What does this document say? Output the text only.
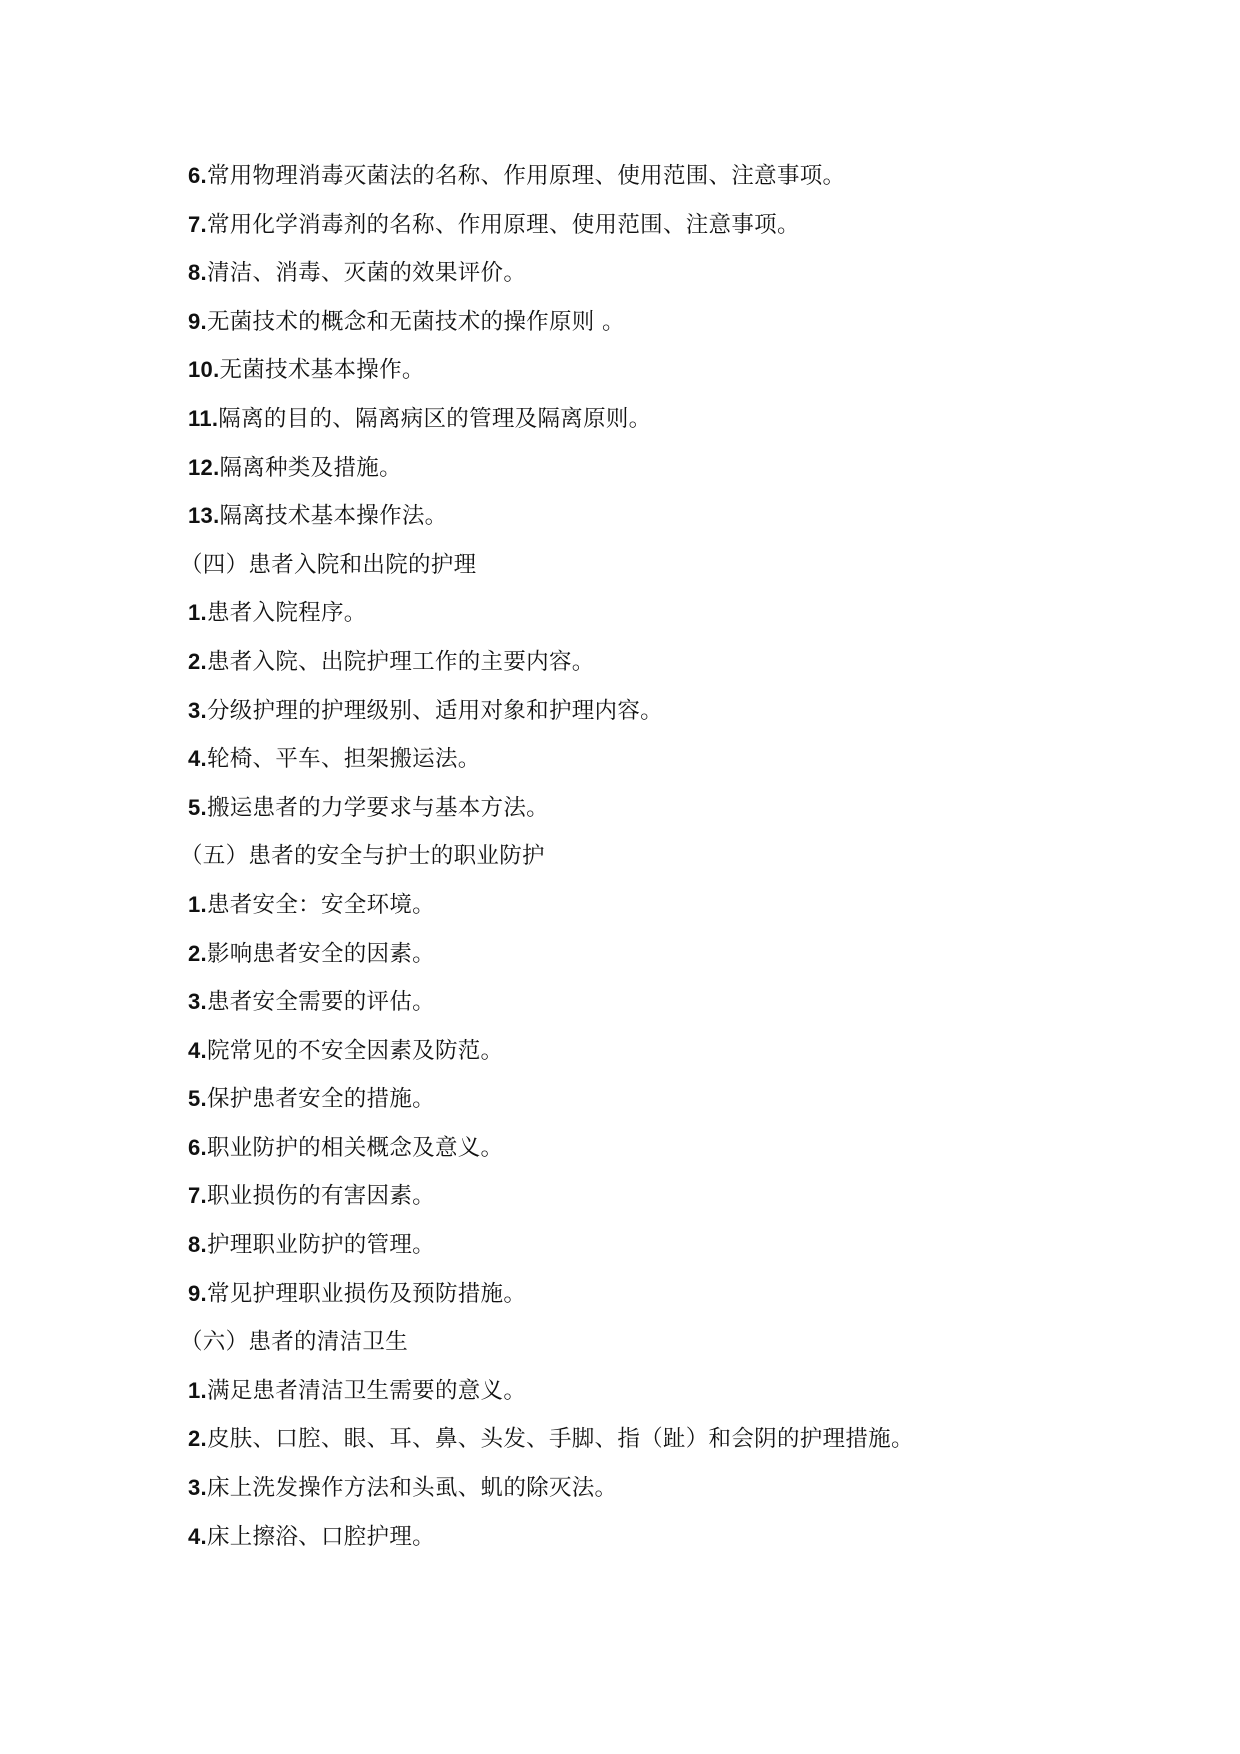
6.常用物理消毒灭菌法的名称、作用原理、使用范围、注意事项。
7.常用化学消毒剂的名称、作用原理、使用范围、注意事项。
8.清洁、消毒、灭菌的效果评价。
9.无菌技术的概念和无菌技术的操作原则 。
10.无菌技术基本操作。
11.隔离的目的、隔离病区的管理及隔离原则。
12.隔离种类及措施。
13.隔离技术基本操作法。
（四）患者入院和出院的护理
1.患者入院程序。
2.患者入院、出院护理工作的主要内容。
3.分级护理的护理级别、适用对象和护理内容。
4.轮椅、平车、担架搬运法。
5.搬运患者的力学要求与基本方法。
（五）患者的安全与护士的职业防护
1.患者安全：安全环境。
2.影响患者安全的因素。
3.患者安全需要的评估。
4.院常见的不安全因素及防范。
5.保护患者安全的措施。
6.职业防护的相关概念及意义。
7.职业损伤的有害因素。
8.护理职业防护的管理。
9.常见护理职业损伤及预防措施。
（六）患者的清洁卫生
1.满足患者清洁卫生需要的意义。
2.皮肤、口腔、眼、耳、鼻、头发、手脚、指（趾）和会阴的护理措施。
3.床上洗发操作方法和头虱、虮的除灭法。
4.床上擦浴、口腔护理。
